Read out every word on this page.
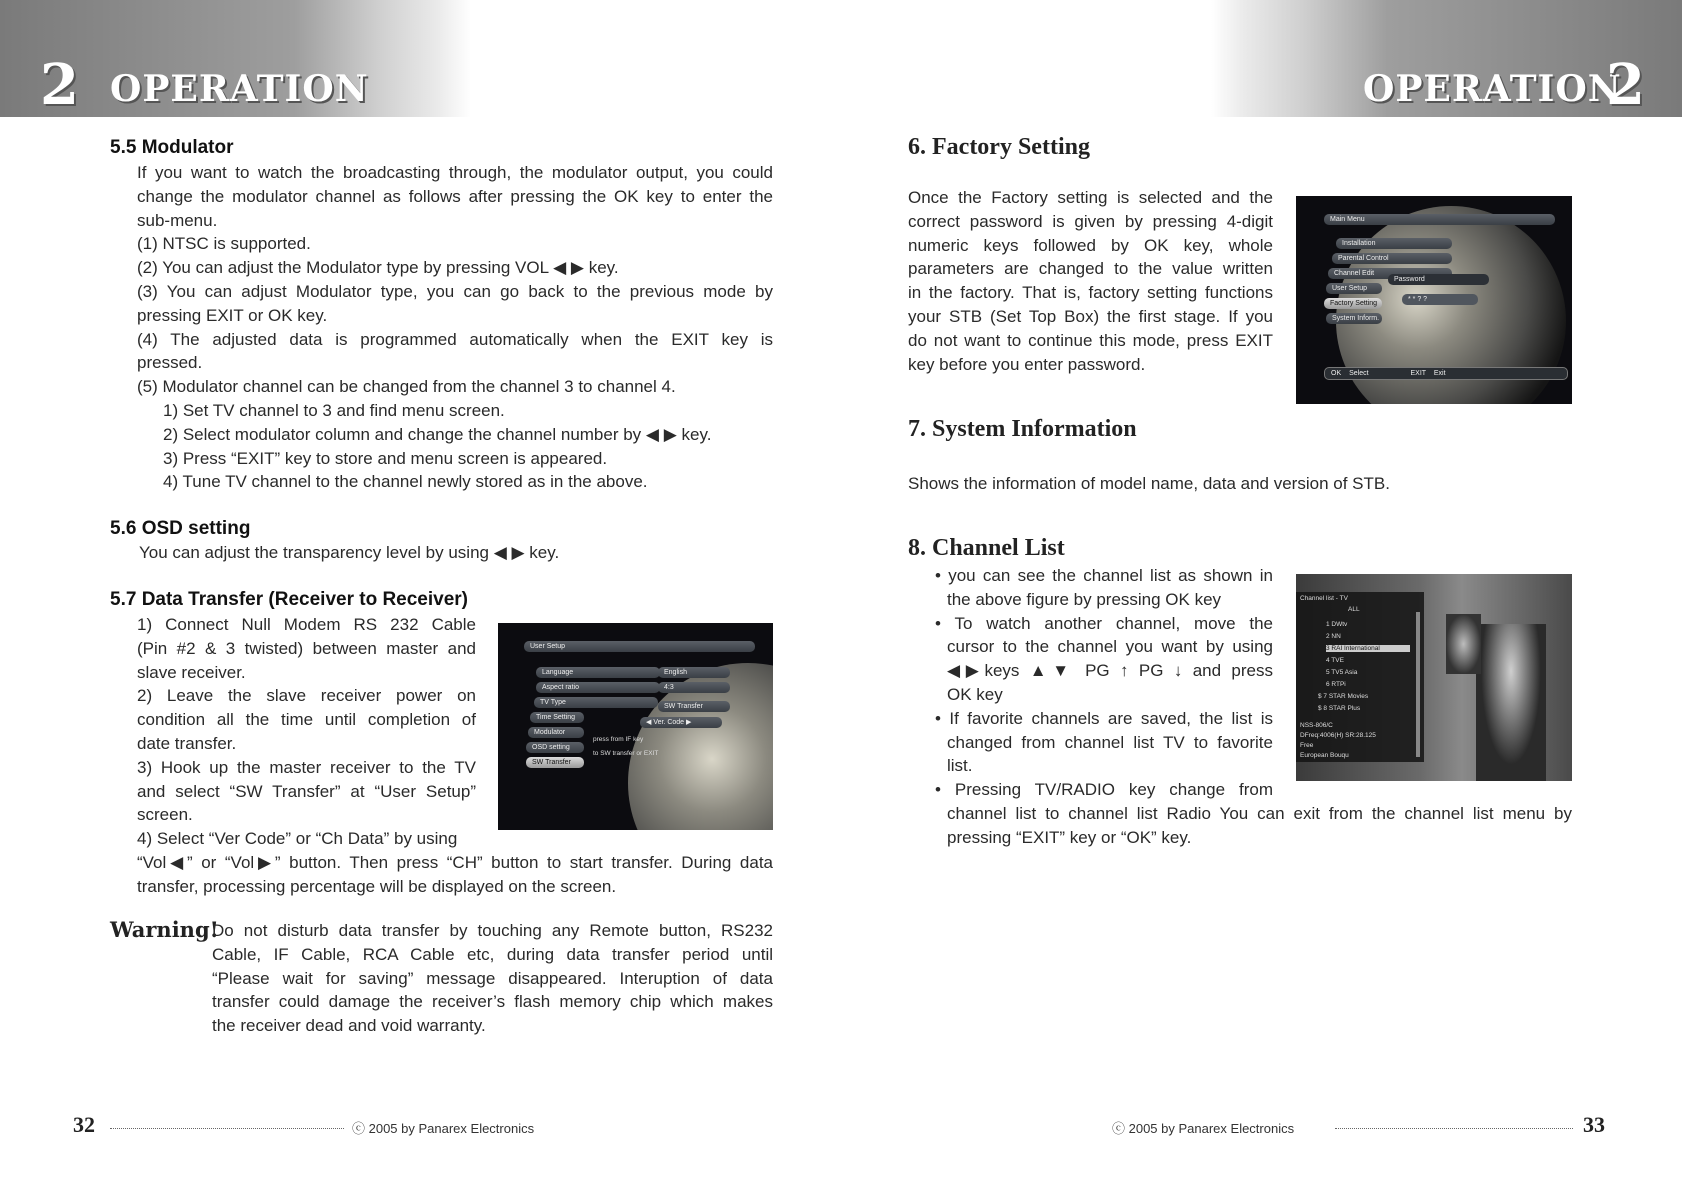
2 OPERATION	OPERATION
2
5.5 Modulator
If you want to watch the broadcasting through, the modulator output, you could
change the modulator channel as follows after pressing the OK key to enter the
sub-menu.
(1) NTSC is supported.
(2) You can adjust the Modulator type by pressing VOL ◀ ▶ key.
(3) You can adjust Modulator type, you can go back to the previous mode by
pressing EXIT or OK key.
(4) The adjusted data is programmed automatically when the EXIT key is
pressed.
(5) Modulator channel can be changed from the channel 3 to channel 4.
1) Set TV channel to 3 and find menu screen.
2) Select modulator column and change the channel number by ◀ ▶ key.
3) Press “EXIT” key to store and menu screen is appeared.
4) Tune TV channel to the channel newly stored as in the above.
5.6 OSD setting
You can adjust the transparency level by using ◀ ▶ key.
5.7 Data Transfer (Receiver to Receiver)
1) Connect Null Modem RS 232 Cable
(Pin #2 & 3 twisted) between master and
slave receiver.
2) Leave the slave receiver power on
condition all the time until completion of
date transfer.
3) Hook up the master receiver to the TV
and select “SW Transfer” at “User Setup”
screen.
4) Select “Ver Code” or “Ch Data” by using
“Vol◀” or “Vol▶” button. Then press “CH” button to start transfer. During data
transfer, processing percentage will be displayed on the screen.
User Setup
Language	English
Aspect ratio	4:3
TV Type
Time Setting
Modulator
OSD setting
SW Transfer
SW Transfer
◀ Ver. Code ▶
press from IF key
to SW transfer or EXIT
Warning!
Do not disturb data transfer by touching any Remote button, RS232
Cable, IF Cable, RCA Cable etc, during data transfer period until
“Please wait for saving” message disappeared. Interuption of data
transfer could damage the receiver’s flash memory chip which makes
the receiver dead and void warranty.
32	ⓒ 2005 by Panarex Electronics
6. Factory Setting
Once the Factory setting is selected and the
correct password is given by pressing 4-digit
numeric keys followed by OK key, whole
parameters are changed to the value written
in the factory. That is, factory setting functions
your STB (Set Top Box) the first stage. If you
do not want to continue this mode, press EXIT
key before you enter password.
Main Menu
Installation
Parental Control
Channel Edit
User Setup
Factory Setting
System Inform.
Password
* * ? ?
OK Select	EXIT Exit
7. System Information
Shows the information of model name, data and version of STB.
8. Channel List
• you can see the channel list as shown in
the above figure by pressing OK key
• To watch another channel, move the
cursor to the channel you want by using
◀▶keys ▲▼ PG ↑ PG ↓ and press
OK key
• If favorite channels are saved, the list is
changed from channel list TV to favorite
list.
• Pressing TV/RADIO key change from
channel list to channel list Radio You can exit from the channel list menu by
pressing “EXIT” key or “OK” key.
Channel list - TV
ALL
1 DWtv
2 NN
3 RAI International
4 TVE
5 TV5 Asia
6 RTPi
$ 7 STAR Movies
$ 8 STAR Plus
NSS-806/C
DFreq:4006(H) SR:28.125
Free
European Bouqu
ⓒ 2005 by Panarex Electronics	33
